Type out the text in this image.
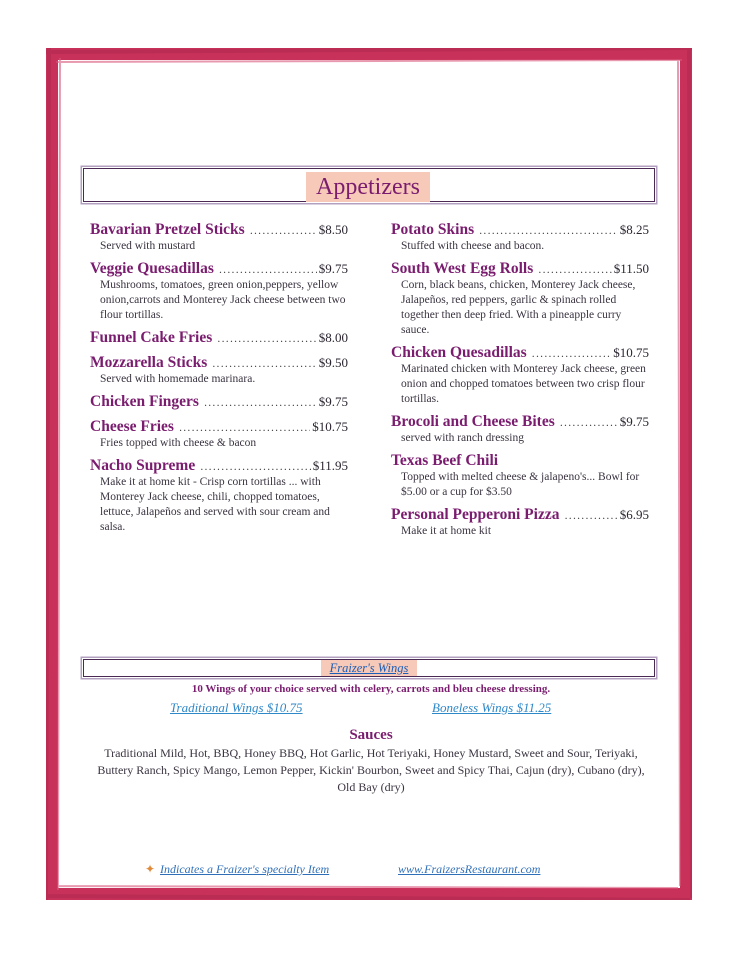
Appetizers
Bavarian Pretzel Sticks .....	$8.50
Served with mustard
Veggie Quesadillas .....	$9.75
Mushrooms, tomatoes, green onion,peppers, yellow onion,carrots and Monterey Jack cheese between two flour tortillas.
Funnel Cake Fries .....	$8.00
Mozzarella Sticks .....	$9.50
Served with homemade marinara.
Chicken Fingers .....	$9.75
Cheese Fries .....	$10.75
Fries topped with cheese & bacon
Nacho Supreme .....	$11.95
Make it at home kit - Crisp corn tortillas ... with Monterey Jack cheese, chili, chopped tomatoes, lettuce, Jalapeños and served with sour cream and salsa.
Potato Skins .....	$8.25
Stuffed with cheese and bacon.
South West Egg Rolls .....	$11.50
Corn, black beans, chicken, Monterey Jack cheese, Jalapeños, red peppers, garlic & spinach rolled together then deep fried. With a pineapple curry sauce.
Chicken Quesadillas .....	$10.75
Marinated chicken with Monterey Jack cheese, green onion and chopped tomatoes between two crisp flour tortillas.
Brocoli and Cheese Bites .....	$9.75
served with ranch dressing
Texas Beef Chili
Topped with melted cheese & jalapeno's... Bowl for $5.00 or a cup for $3.50
Personal Pepperoni Pizza .....	$6.95
Make it at home kit
Fraizer's Wings
10 Wings of your choice served with celery, carrots and bleu cheese dressing.
Traditional Wings $10.75	Boneless Wings $11.25
Sauces
Traditional Mild, Hot, BBQ, Honey BBQ, Hot Garlic, Hot Teriyaki, Honey Mustard, Sweet and Sour, Teriyaki, Buttery Ranch, Spicy Mango, Lemon Pepper, Kickin' Bourbon, Sweet and Spicy Thai, Cajun (dry), Cubano (dry), Old Bay (dry)
✦ Indicates a Fraizer's specialty Item	www.FraizersRestaurant.com
